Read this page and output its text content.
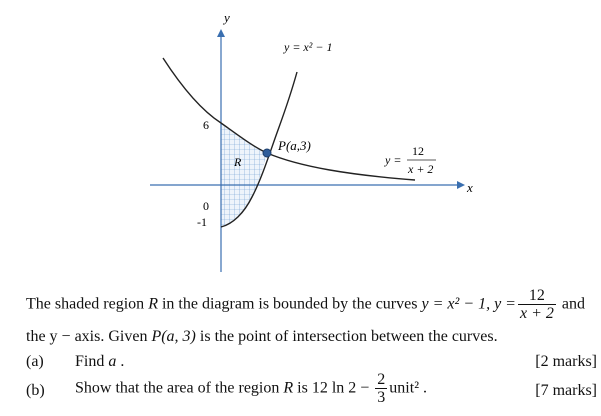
y
x
6
0
-1
R
P(a,3)
y = x² − 1
y =
12
x + 2
The shaded region R in the diagram is bounded by the curves y = x² − 1, $y = \frac{12}{x + 2}$ and
the y − axis. Given P(a, 3) is the point of intersection between the curves.
(a) Find a .	[2 marks]
(b) Show that the area of the region R is 12 $\ln 2 - \frac{2}{3}$ unit² .	[7 marks]
